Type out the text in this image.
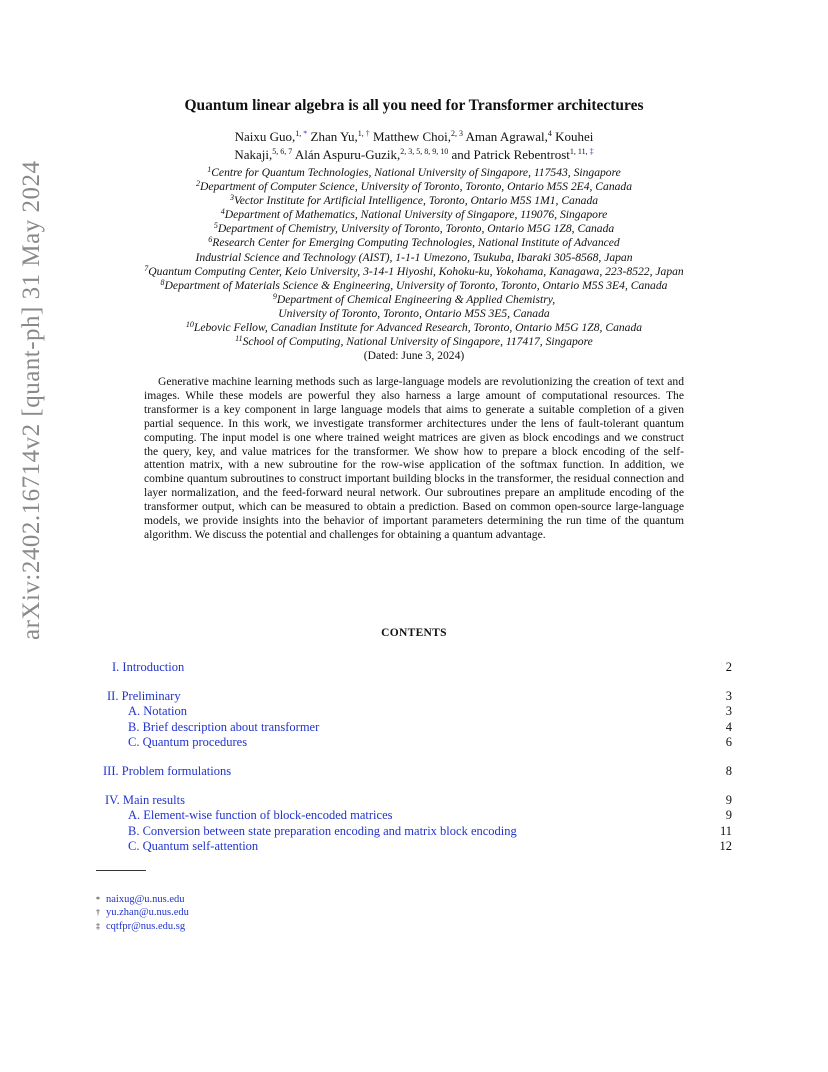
arXiv:2402.16714v2 [quant-ph] 31 May 2024
Quantum linear algebra is all you need for Transformer architectures
Naixu Guo,$^{1,}$ * Zhan Yu,$^{1,}$ † Matthew Choi,$^{2, 3}$ Aman Agrawal,$^4$ Kouhei
Nakaji,$^{5, 6, 7}$ Alán Aspuru-Guzik,$^{2, 3, 5, 8, 9, 10}$ and Patrick Rebentrost$^{1, 11,}$ ‡
$^1$Centre for Quantum Technologies, National University of Singapore, 117543, Singapore
$^2$Department of Computer Science, University of Toronto, Toronto, Ontario M5S 2E4, Canada
$^3$Vector Institute for Artificial Intelligence, Toronto, Ontario M5S 1M1, Canada
$^4$Department of Mathematics, National University of Singapore, 119076, Singapore
$^5$Department of Chemistry, University of Toronto, Toronto, Ontario M5G 1Z8, Canada
$^6$Research Center for Emerging Computing Technologies, National Institute of Advanced
Industrial Science and Technology (AIST), 1-1-1 Umezono, Tsukuba, Ibaraki 305-8568, Japan
$^7$Quantum Computing Center, Keio University, 3-14-1 Hiyoshi, Kohoku-ku, Yokohama, Kanagawa, 223-8522, Japan
$^8$Department of Materials Science & Engineering, University of Toronto, Toronto, Ontario M5S 3E4, Canada
$^9$Department of Chemical Engineering & Applied Chemistry,
University of Toronto, Toronto, Ontario M5S 3E5, Canada
$^{10}$Lebovic Fellow, Canadian Institute for Advanced Research, Toronto, Ontario M5G 1Z8, Canada
$^{11}$School of Computing, National University of Singapore, 117417, Singapore
(Dated: June 3, 2024)
Generative machine learning methods such as large-language models are revolutionizing the creation of text and images. While these models are powerful they also harness a large amount of computational resources. The transformer is a key component in large language models that aims to generate a suitable completion of a given partial sequence. In this work, we investigate transformer architectures under the lens of fault-tolerant quantum computing. The input model is one where trained weight matrices are given as block encodings and we construct the query, key, and value matrices for the transformer. We show how to prepare a block encoding of the self-attention matrix, with a new subroutine for the row-wise application of the softmax function. In addition, we combine quantum subroutines to construct important building blocks in the transformer, the residual connection and layer normalization, and the feed-forward neural network. Our subroutines prepare an amplitude encoding of the transformer output, which can be measured to obtain a prediction. Based on common open-source large-language models, we provide insights into the behavior of important parameters determining the run time of the quantum algorithm. We discuss the potential and challenges for obtaining a quantum advantage.
CONTENTS
I. Introduction	2
II. Preliminary	3
A. Notation	3
B. Brief description about transformer	4
C. Quantum procedures	6
III. Problem formulations	8
IV. Main results	9
A. Element-wise function of block-encoded matrices	9
B. Conversion between state preparation encoding and matrix block encoding	11
C. Quantum self-attention	12
* naixug@u.nus.edu
† yu.zhan@u.nus.edu
‡ cqtfpr@nus.edu.sg
